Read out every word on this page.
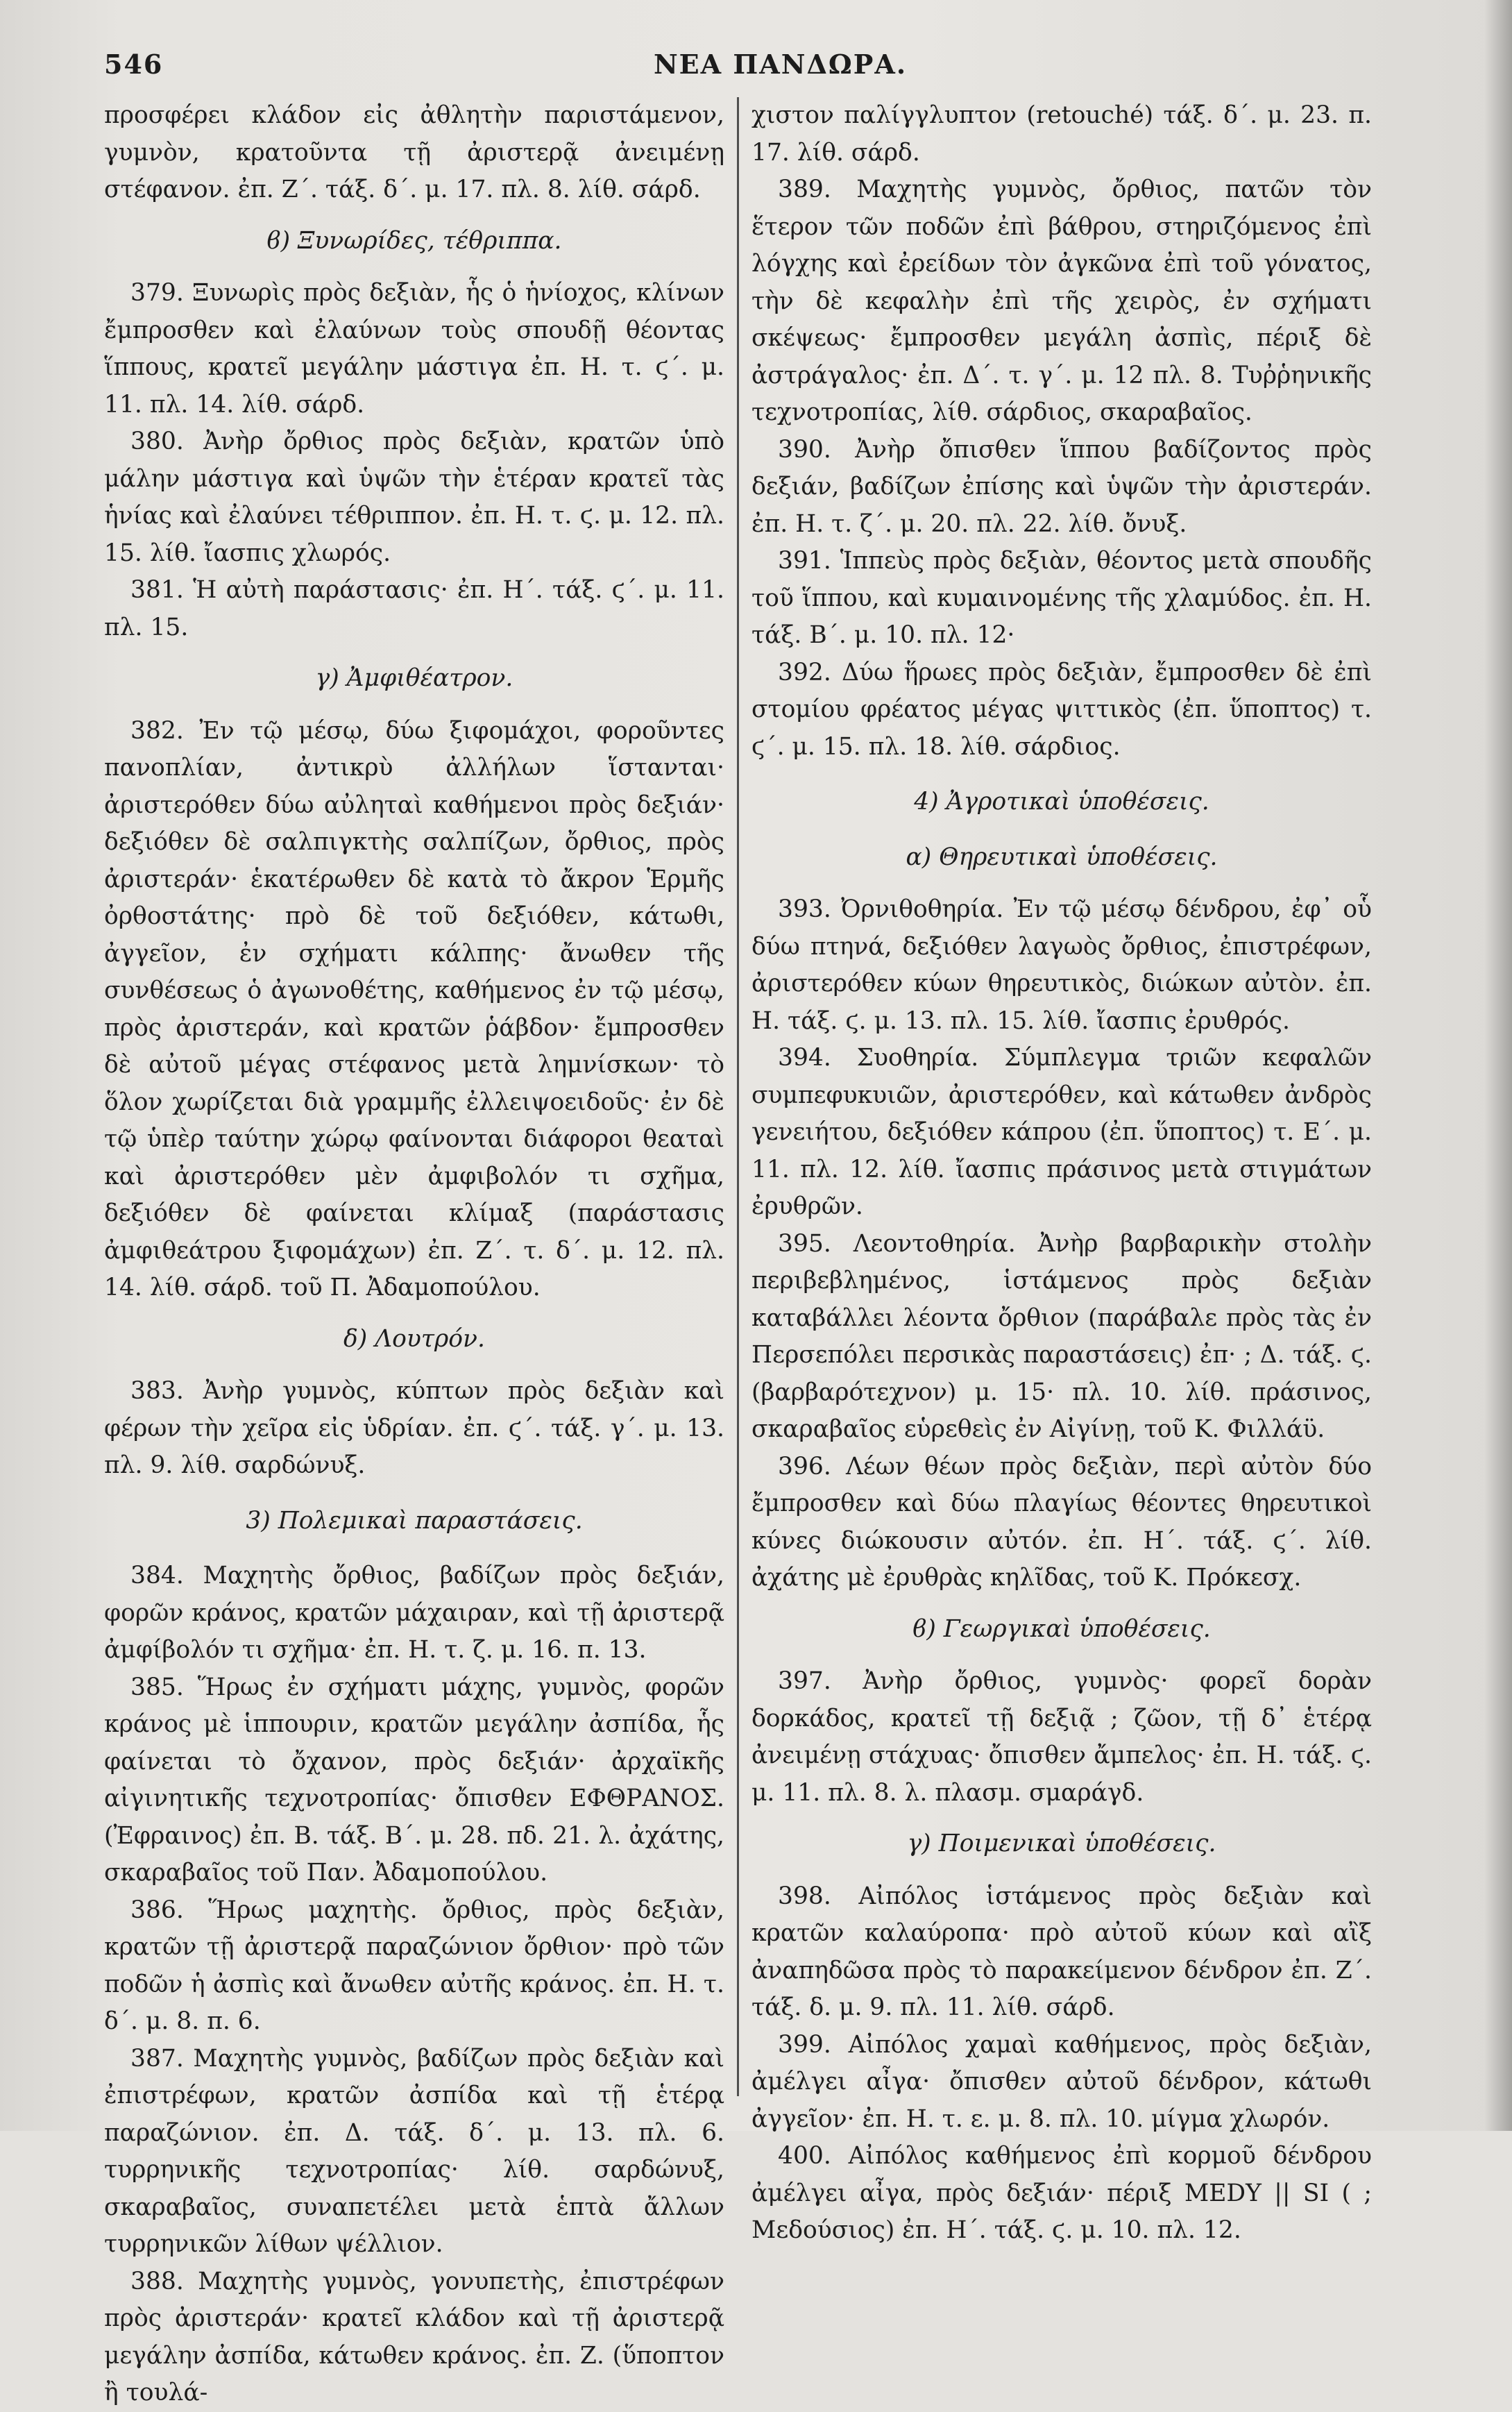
546	ΝΕΑ ΠΑΝΔΩΡΑ.

προσφέρει κλάδον εἰς ἀθλητὴν παριστάμενον, γυμνὸν, κρατοῦντα τῇ ἀριστερᾷ ἀνειμένῃ στέφανον. ἐπ. Ζ΄. τάξ. δ΄. μ. 17. πλ. 8. λίθ. σάρδ.

ϐ) Ξυνωρίδες, τέθριππα.

379. Ξυνωρὶς πρὸς δεξιὰν, ἧς ὁ ἡνίοχος, κλίνων ἔμπροσθεν καὶ ἐλαύνων τοὺς σπουδῇ θέοντας ἵππους, κρατεῖ μεγάλην μάστιγα ἐπ. Η. τ. ϛ΄. μ. 11. πλ. 14. λίθ. σάρδ.

380. Ἀνὴρ ὄρθιος πρὸς δεξιὰν, κρατῶν ὑπὸ μάλην μάστιγα καὶ ὑψῶν τὴν ἑτέραν κρατεῖ τὰς ἡνίας καὶ ἐλαύνει τέθριππον. ἐπ. Η. τ. ϛ. μ. 12. πλ. 15. λίθ. ἴασπις χλωρός.

381. Ἡ αὐτὴ παράστασις· ἐπ. Η΄. τάξ. ϛ΄. μ. 11. πλ. 15.

γ) Ἀμφιθέατρον.

382. Ἐν τῷ μέσῳ, δύω ξιφομάχοι, φοροῦντες πανοπλίαν, ἀντικρὺ ἀλλήλων ἵστανται· ἀριστερόθεν δύω αὐληταὶ καθήμενοι πρὸς δεξιάν· δεξιόθεν δὲ σαλπιγκτὴς σαλπίζων, ὄρθιος, πρὸς ἀριστεράν· ἑκατέρωθεν δὲ κατὰ τὸ ἄκρον Ἑρμῆς ὀρθοστάτης· πρὸ δὲ τοῦ δεξιόθεν, κάτωθι, ἀγγεῖον, ἐν σχήματι κάλπης· ἄνωθεν τῆς συνθέσεως ὁ ἀγωνοθέτης, καθήμενος ἐν τῷ μέσῳ, πρὸς ἀριστεράν, καὶ κρατῶν ῥάβδον· ἔμπροσθεν δὲ αὐτοῦ μέγας στέφανος μετὰ λημνίσκων· τὸ ὅλον χωρίζεται διὰ γραμμῆς ἐλλειψοειδοῦς· ἐν δὲ τῷ ὑπὲρ ταύτην χώρῳ φαίνονται διάφοροι θεαταὶ καὶ ἀριστερόθεν μὲν ἀμφιβολόν τι σχῆμα, δεξιόθεν δὲ φαίνεται κλίμαξ (παράστασις ἀμφιθεάτρου ξιφομάχων) ἐπ. Ζ΄. τ. δ΄. μ. 12. πλ. 14. λίθ. σάρδ. τοῦ Π. Ἀδαμοπούλου.

δ) Λουτρόν.

383. Ἀνὴρ γυμνὸς, κύπτων πρὸς δεξιὰν καὶ φέρων τὴν χεῖρα εἰς ὑδρίαν. ἐπ. ϛ΄. τάξ. γ΄. μ. 13. πλ. 9. λίθ. σαρδώνυξ.

3) Πολεμικαὶ παραστάσεις.

384. Μαχητὴς ὄρθιος, βαδίζων πρὸς δεξιάν, φορῶν κράνος, κρατῶν μάχαιραν, καὶ τῇ ἀριστερᾷ ἀμφίβολόν τι σχῆμα· ἐπ. Η. τ. ζ. μ. 16. π. 13.

385. Ἥρως ἐν σχήματι μάχης, γυμνὸς, φορῶν κράνος μὲ ἱππουριν, κρατῶν μεγάλην ἀσπίδα, ἧς φαίνεται τὸ ὄχανον, πρὸς δεξιάν· ἀρχαϊκῆς αἰγινητικῆς τεχνοτροπίας· ὄπισθεν ΕΦΘΡΑΝΟΣ. (Ἐφραινος) ἐπ. Β. τάξ. Β΄. μ. 28. πδ. 21. λ. ἀχάτης, σκαραβαῖος τοῦ Παν. Ἀδαμοπούλου.

386. Ἥρως μαχητὴς. ὄρθιος, πρὸς δεξιὰν, κρατῶν τῇ ἀριστερᾷ παραζώνιον ὄρθιον· πρὸ τῶν ποδῶν ἡ ἀσπὶς καὶ ἄνωθεν αὐτῆς κράνος. ἐπ. Η. τ. δ΄. μ. 8. π. 6.

387. Μαχητὴς γυμνὸς, βαδίζων πρὸς δεξιὰν καὶ ἐπιστρέφων, κρατῶν ἀσπίδα καὶ τῇ ἑτέρᾳ παραζώνιον. ἐπ. Δ. τάξ. δ΄. μ. 13. πλ. 6. τυρρηνικῆς τεχνοτροπίας· λίθ. σαρδώνυξ, σκαραβαῖος, συναπετέλει μετὰ ἑπτὰ ἄλλων τυρρηνικῶν λίθων ψέλλιον.

388. Μαχητὴς γυμνὸς, γονυπετὴς, ἐπιστρέφων πρὸς ἀριστεράν· κρατεῖ κλάδον καὶ τῇ ἀριστερᾷ μεγάλην ἀσπίδα, κάτωθεν κράνος. ἐπ. Ζ. (ὕποπτον ἢ τουλά-

χιστον παλίγγλυπτον (retouché) τάξ. δ΄. μ. 23. π. 17. λίθ. σάρδ.

389. Μαχητὴς γυμνὸς, ὄρθιος, πατῶν τὸν ἕτερον τῶν ποδῶν ἐπὶ βάθρου, στηριζόμενος ἐπὶ λόγχης καὶ ἐρείδων τὸν ἀγκῶνα ἐπὶ τοῦ γόνατος, τὴν δὲ κεφαλὴν ἐπὶ τῆς χειρὸς, ἐν σχήματι σκέψεως· ἔμπροσθεν μεγάλη ἀσπὶς, πέριξ δὲ ἀστράγαλος· ἐπ. Δ΄. τ. γ΄. μ. 12 πλ. 8. Τυῤῥηνικῆς τεχνοτροπίας, λίθ. σάρδιος, σκαραβαῖος.

390. Ἀνὴρ ὄπισθεν ἵππου βαδίζοντος πρὸς δεξιάν, βαδίζων ἐπίσης καὶ ὑψῶν τὴν ἀριστεράν. ἐπ. Η. τ. ζ΄. μ. 20. πλ. 22. λίθ. ὄνυξ.

391. Ἱππεὺς πρὸς δεξιὰν, θέοντος μετὰ σπουδῆς τοῦ ἵππου, καὶ κυμαινομένης τῆς χλαμύδος. ἐπ. Η. τάξ. Β΄. μ. 10. πλ. 12·

392. Δύω ἥρωες πρὸς δεξιὰν, ἔμπροσθεν δὲ ἐπὶ στομίου φρέατος μέγας ψιττικὸς (ἐπ. ὕποπτος) τ. ϛ΄. μ. 15. πλ. 18. λίθ. σάρδιος.

4) Ἀγροτικαὶ ὑποθέσεις.
α) Θηρευτικαὶ ὑποθέσεις.

393. Ὀρνιθοθηρία. Ἐν τῷ μέσῳ δένδρου, ἐφ᾽ οὗ δύω πτηνά, δεξιόθεν λαγωὸς ὄρθιος, ἐπιστρέφων, ἀριστερόθεν κύων θηρευτικὸς, διώκων αὐτὸν. ἐπ. Η. τάξ. ϛ. μ. 13. πλ. 15. λίθ. ἴασπις ἐρυθρός.

394. Συοθηρία. Σύμπλεγμα τριῶν κεφαλῶν συμπεφυκυιῶν, ἀριστερόθεν, καὶ κάτωθεν ἀνδρὸς γενειήτου, δεξιόθεν κάπρου (ἐπ. ὕποπτος) τ. Ε΄. μ. 11. πλ. 12. λίθ. ἴασπις πράσινος μετὰ στιγμάτων ἐρυθρῶν.

395. Λεοντοθηρία. Ἀνὴρ βαρβαρικὴν στολὴν περιβεβλημένος, ἱστάμενος πρὸς δεξιὰν καταβάλλει λέοντα ὄρθιον (παράβαλε πρὸς τὰς ἐν Περσεπόλει περσικὰς παραστάσεις) ἐπ· ; Δ. τάξ. ϛ. (βαρβαρότεχνον) μ. 15· πλ. 10. λίθ. πράσινος, σκαραβαῖος εὑρεθεὶς ἐν Αἰγίνῃ, τοῦ Κ. Φιλλάϋ.

396. Λέων θέων πρὸς δεξιὰν, περὶ αὐτὸν δύο ἔμπροσθεν καὶ δύω πλαγίως θέοντες θηρευτικοὶ κύνες διώκουσιν αὐτόν. ἐπ. Η΄. τάξ. ϛ΄. λίθ. ἀχάτης μὲ ἐρυθρὰς κηλῖδας, τοῦ Κ. Πρόκεσχ.

ϐ) Γεωργικαὶ ὑποθέσεις.

397. Ἀνὴρ ὄρθιος, γυμνὸς· φορεῖ δορὰν δορκάδος, κρατεῖ τῇ δεξιᾷ ; ζῶον, τῇ δ᾽ ἑτέρᾳ ἀνειμένῃ στάχυας· ὄπισθεν ἄμπελος· ἐπ. Η. τάξ. ϛ. μ. 11. πλ. 8. λ. πλασμ. σμαράγδ.

γ) Ποιμενικαὶ ὑποθέσεις.

398. Αἰπόλος ἱστάμενος πρὸς δεξιὰν καὶ κρατῶν καλαύροπα· πρὸ αὐτοῦ κύων καὶ αἲξ ἀναπηδῶσα πρὸς τὸ παρακείμενον δένδρον ἐπ. Ζ΄. τάξ. δ. μ. 9. πλ. 11. λίθ. σάρδ.

399. Αἰπόλος χαμαὶ καθήμενος, πρὸς δεξιὰν, ἀμέλγει αἶγα· ὄπισθεν αὐτοῦ δένδρον, κάτωθι ἀγγεῖον· ἐπ. Η. τ. ε. μ. 8. πλ. 10. μίγμα χλωρόν.

400. Αἰπόλος καθήμενος ἐπὶ κορμοῦ δένδρου ἀμέλγει αἶγα, πρὸς δεξιάν· πέριξ ΜΕDΥ || SΙ ( ; Μεδούσιος) ἐπ. Η΄. τάξ. ϛ. μ. 10. πλ. 12.
